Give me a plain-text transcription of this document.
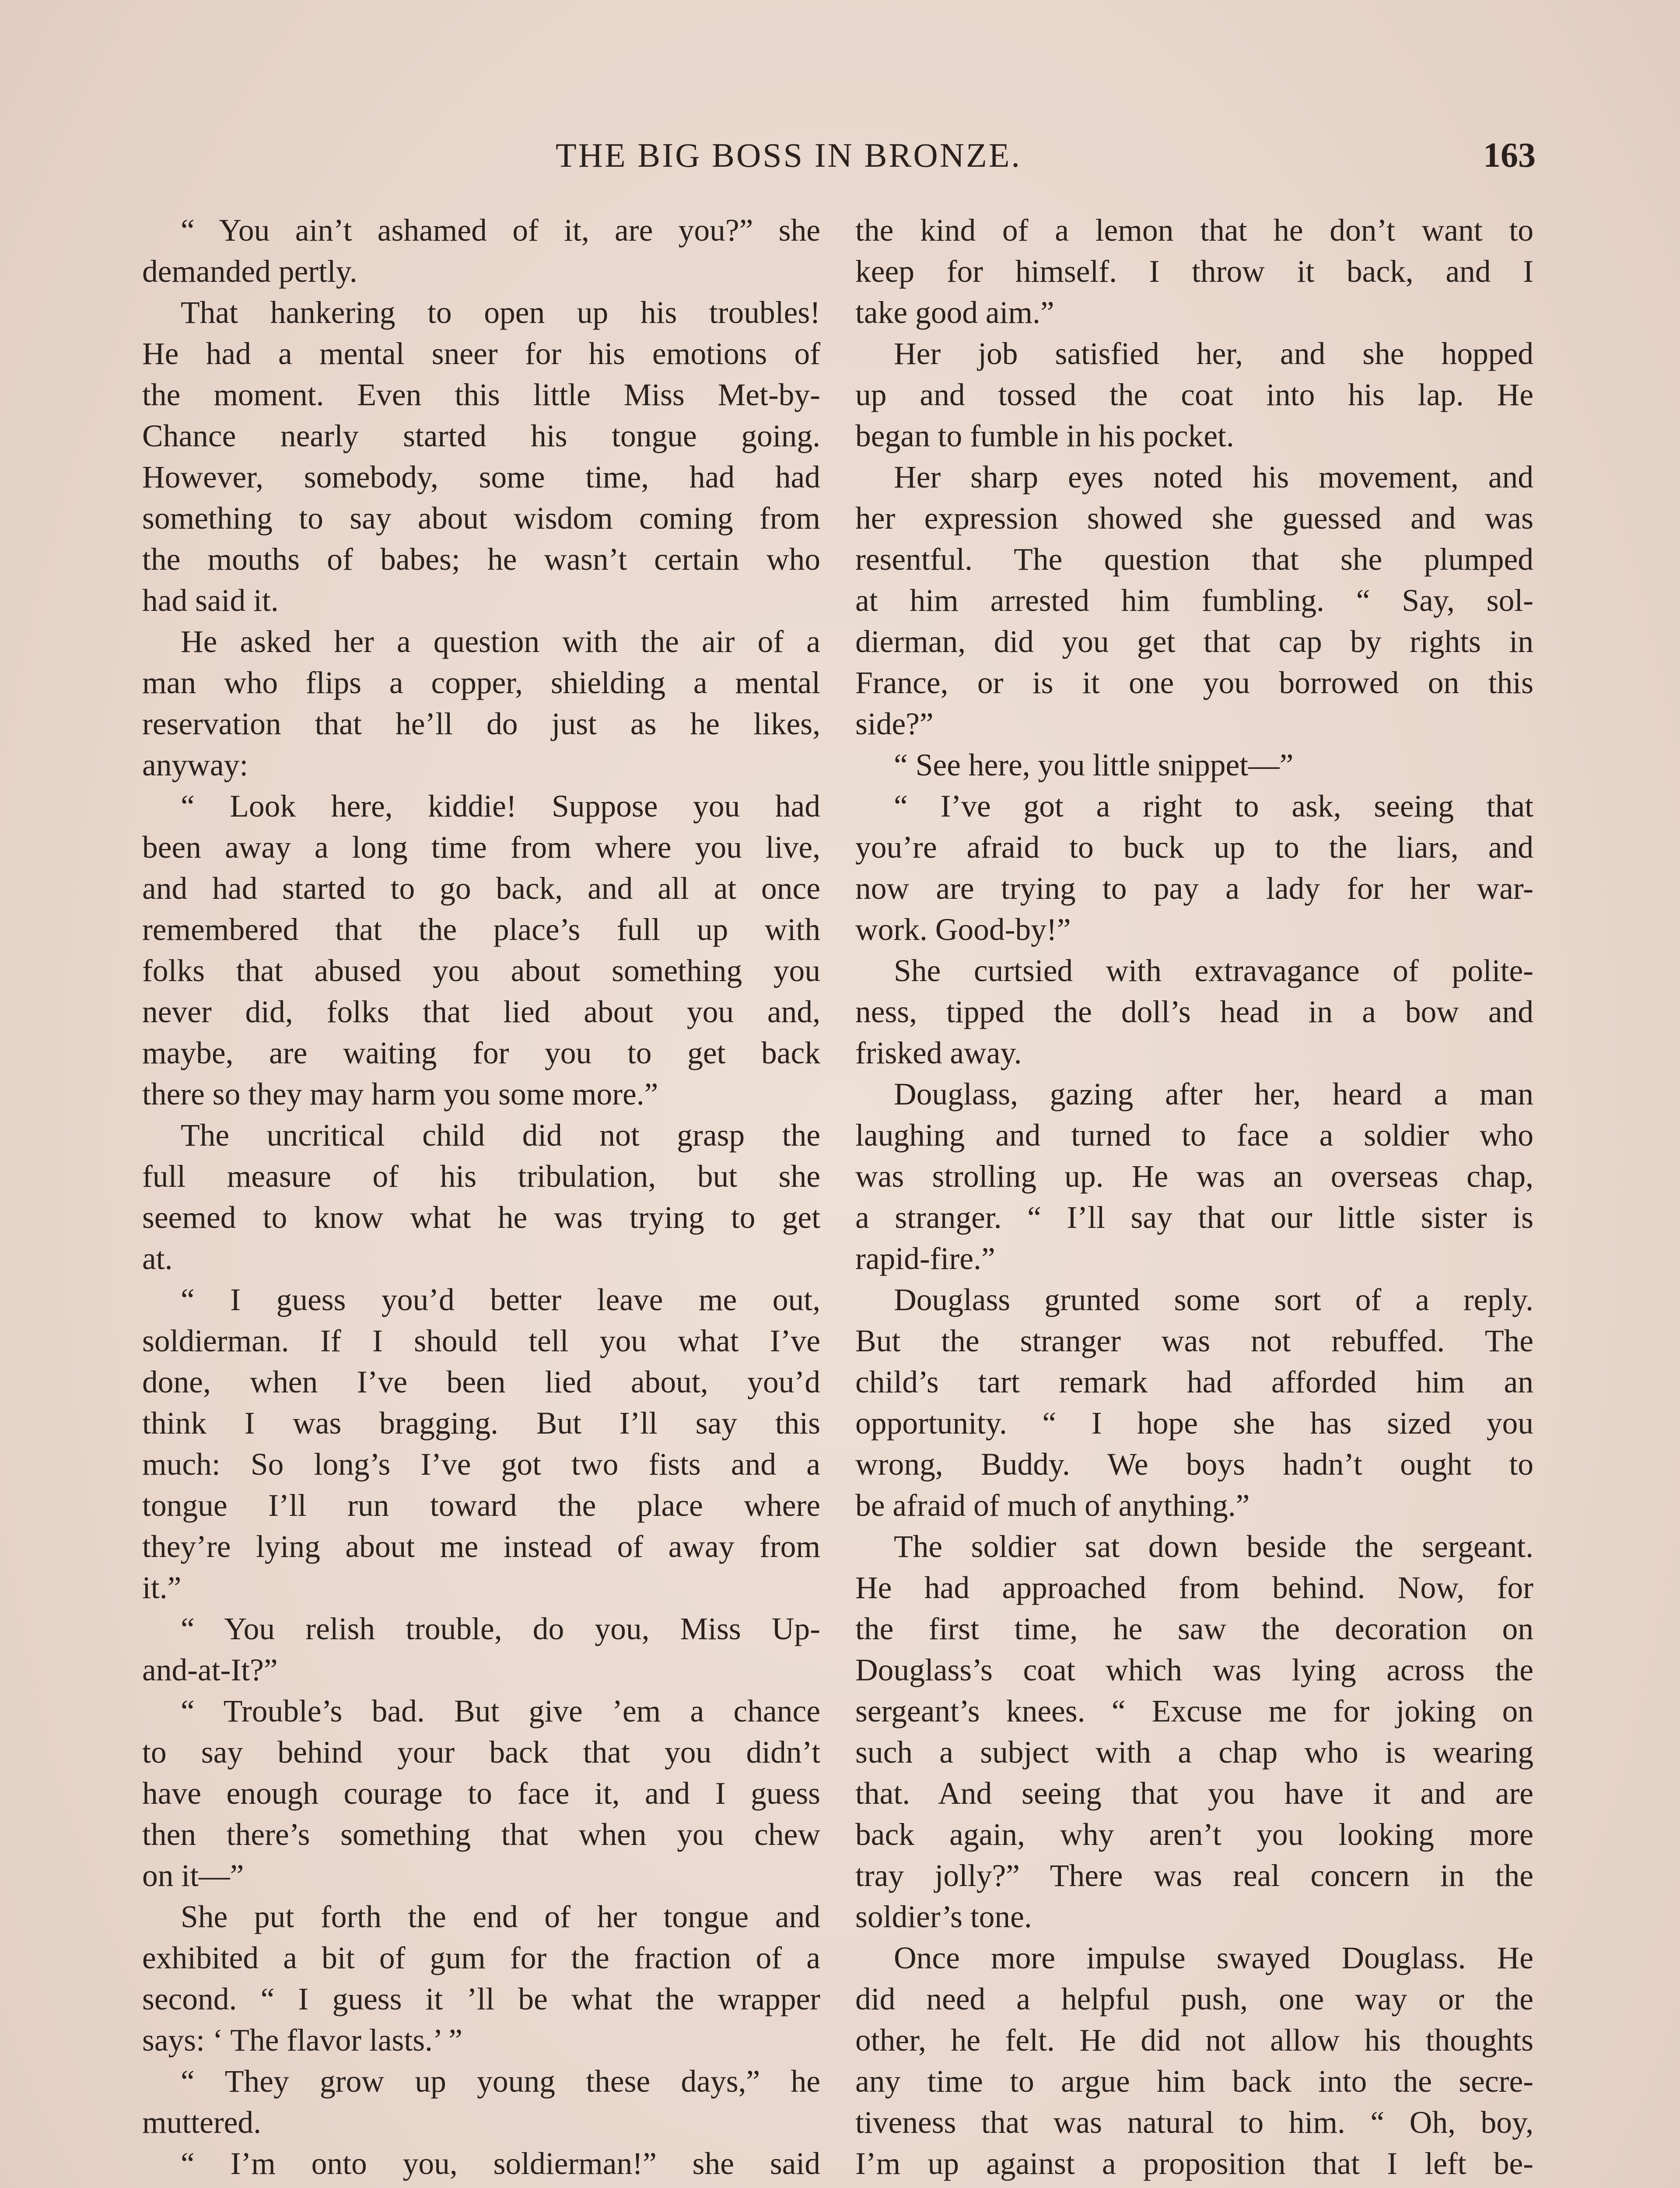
THE BIG BOSS IN BRONZE.	163
“ You ain’t ashamed of it, are you?” she
demanded pertly.
That hankering to open up his troubles!
He had a mental sneer for his emotions of
the moment. Even this little Miss Met-by-
Chance nearly started his tongue going.
However, somebody, some time, had had
something to say about wisdom coming from
the mouths of babes; he wasn’t certain who
had said it.
He asked her a question with the air of a
man who flips a copper, shielding a mental
reservation that he’ll do just as he likes,
anyway:
“ Look here, kiddie! Suppose you had
been away a long time from where you live,
and had started to go back, and all at once
remembered that the place’s full up with
folks that abused you about something you
never did, folks that lied about you and,
maybe, are waiting for you to get back
there so they may harm you some more.”
The uncritical child did not grasp the
full measure of his tribulation, but she
seemed to know what he was trying to get
at.
“ I guess you’d better leave me out,
soldierman. If I should tell you what I’ve
done, when I’ve been lied about, you’d
think I was bragging. But I’ll say this
much: So long’s I’ve got two fists and a
tongue I’ll run toward the place where
they’re lying about me instead of away from
it.”
“ You relish trouble, do you, Miss Up-
and-at-It?”
“ Trouble’s bad. But give ’em a chance
to say behind your back that you didn’t
have enough courage to face it, and I guess
then there’s something that when you chew
on it—”
She put forth the end of her tongue and
exhibited a bit of gum for the fraction of a
second. “ I guess it ’ll be what the wrapper
says: ‘ The flavor lasts.’ ”
“ They grow up young these days,” he
muttered.
“ I’m onto you, soldierman!” she said
the kind of a lemon that he don’t want to
keep for himself. I throw it back, and I
take good aim.”
Her job satisfied her, and she hopped
up and tossed the coat into his lap. He
began to fumble in his pocket.
Her sharp eyes noted his movement, and
her expression showed she guessed and was
resentful. The question that she plumped
at him arrested him fumbling. “ Say, sol-
dierman, did you get that cap by rights in
France, or is it one you borrowed on this
side?”
“ See here, you little snippet—”
“ I’ve got a right to ask, seeing that
you’re afraid to buck up to the liars, and
now are trying to pay a lady for her war-
work. Good-by!”
She curtsied with extravagance of polite-
ness, tipped the doll’s head in a bow and
frisked away.
Douglass, gazing after her, heard a man
laughing and turned to face a soldier who
was strolling up. He was an overseas chap,
a stranger. “ I’ll say that our little sister is
rapid-fire.”
Douglass grunted some sort of a reply.
But the stranger was not rebuffed. The
child’s tart remark had afforded him an
opportunity. “ I hope she has sized you
wrong, Buddy. We boys hadn’t ought to
be afraid of much of anything.”
The soldier sat down beside the sergeant.
He had approached from behind. Now, for
the first time, he saw the decoration on
Douglass’s coat which was lying across the
sergeant’s knees. “ Excuse me for joking on
such a subject with a chap who is wearing
that. And seeing that you have it and are
back again, why aren’t you looking more
tray jolly?” There was real concern in the
soldier’s tone.
Once more impulse swayed Douglass. He
did need a helpful push, one way or the
other, he felt. He did not allow his thoughts
any time to argue him back into the secre-
tiveness that was natural to him. “ Oh, boy,
I’m up against a proposition that I left be-
